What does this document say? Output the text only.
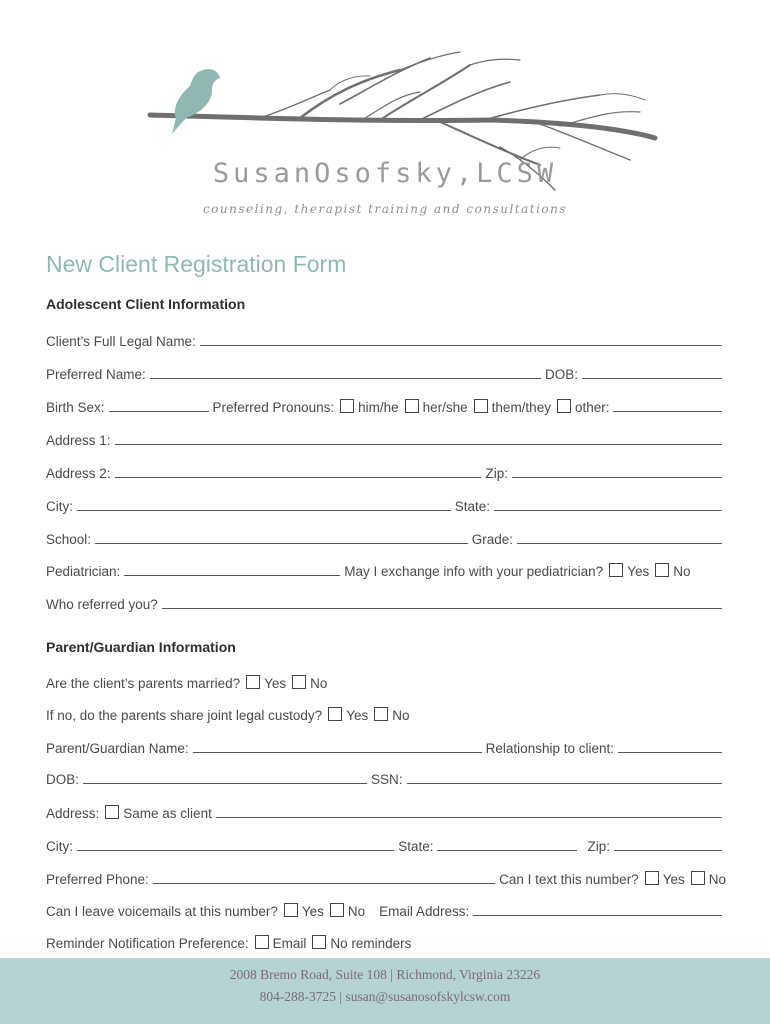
SusanOsofsky,LCSW
counseling, therapist training and consultations
New Client Registration Form
Adolescent Client Information
Client’s Full Legal Name:
Preferred Name:	DOB:
Birth Sex:	Preferred Pronouns: him/he her/she them/they other:
Address 1:
Address 2:	Zip:
City:	State:
School:	Grade:
Pediatrician:	May I exchange info with your pediatrician? Yes No
Who referred you?
Parent/Guardian Information
Are the client’s parents married? Yes No
If no, do the parents share joint legal custody? Yes No
Parent/Guardian Name:	Relationship to client:
DOB:	SSN:
Address: Same as client
City:	State:	Zip:
Preferred Phone:	Can I text this number? Yes No
Can I leave voicemails at this number? Yes No Email Address:
Reminder Notification Preference: Email No reminders
2008 Bremo Road, Suite 108 | Richmond, Virginia 23226
804-288-3725 | susan@susanosofskylcsw.com
